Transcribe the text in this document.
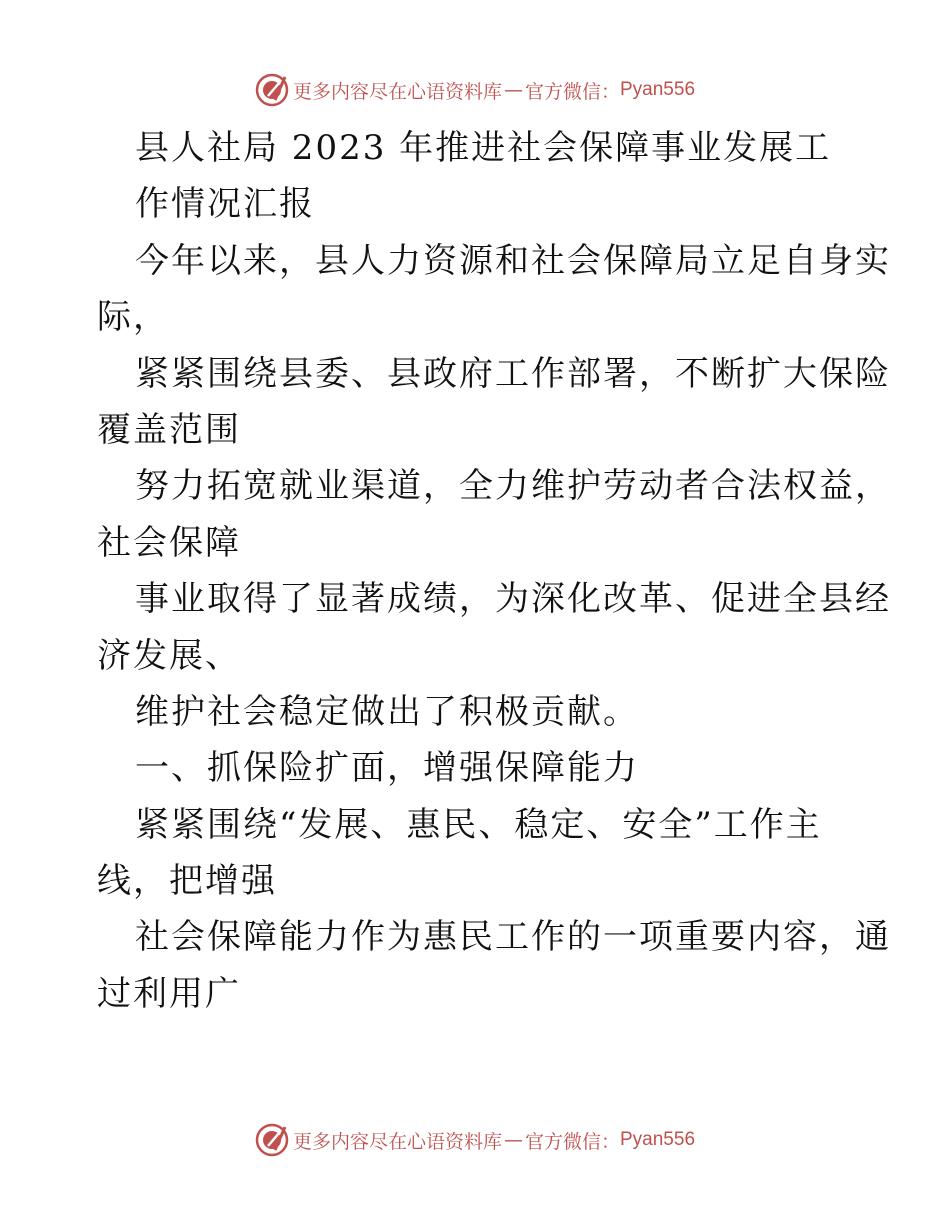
更多内容尽在心语资料库 — 官方微信： Pyan556
县人社局 2023 年推进社会保障事业发展工
作情况汇报
今年以来，县人力资源和社会保障局立足自身实
际，
紧紧围绕县委、县政府工作部署，不断扩大保险
覆盖范围
努力拓宽就业渠道，全力维护劳动者合法权益，
社会保障
事业取得了显著成绩，为深化改革、促进全县经
济发展、
维护社会稳定做出了积极贡献。
一、抓保险扩面，增强保障能力
紧紧围绕“发展、惠民、稳定、安全”工作主
线，把增强
社会保障能力作为惠民工作的一项重要内容，通
过利用广
更多内容尽在心语资料库 — 官方微信： Pyan556
